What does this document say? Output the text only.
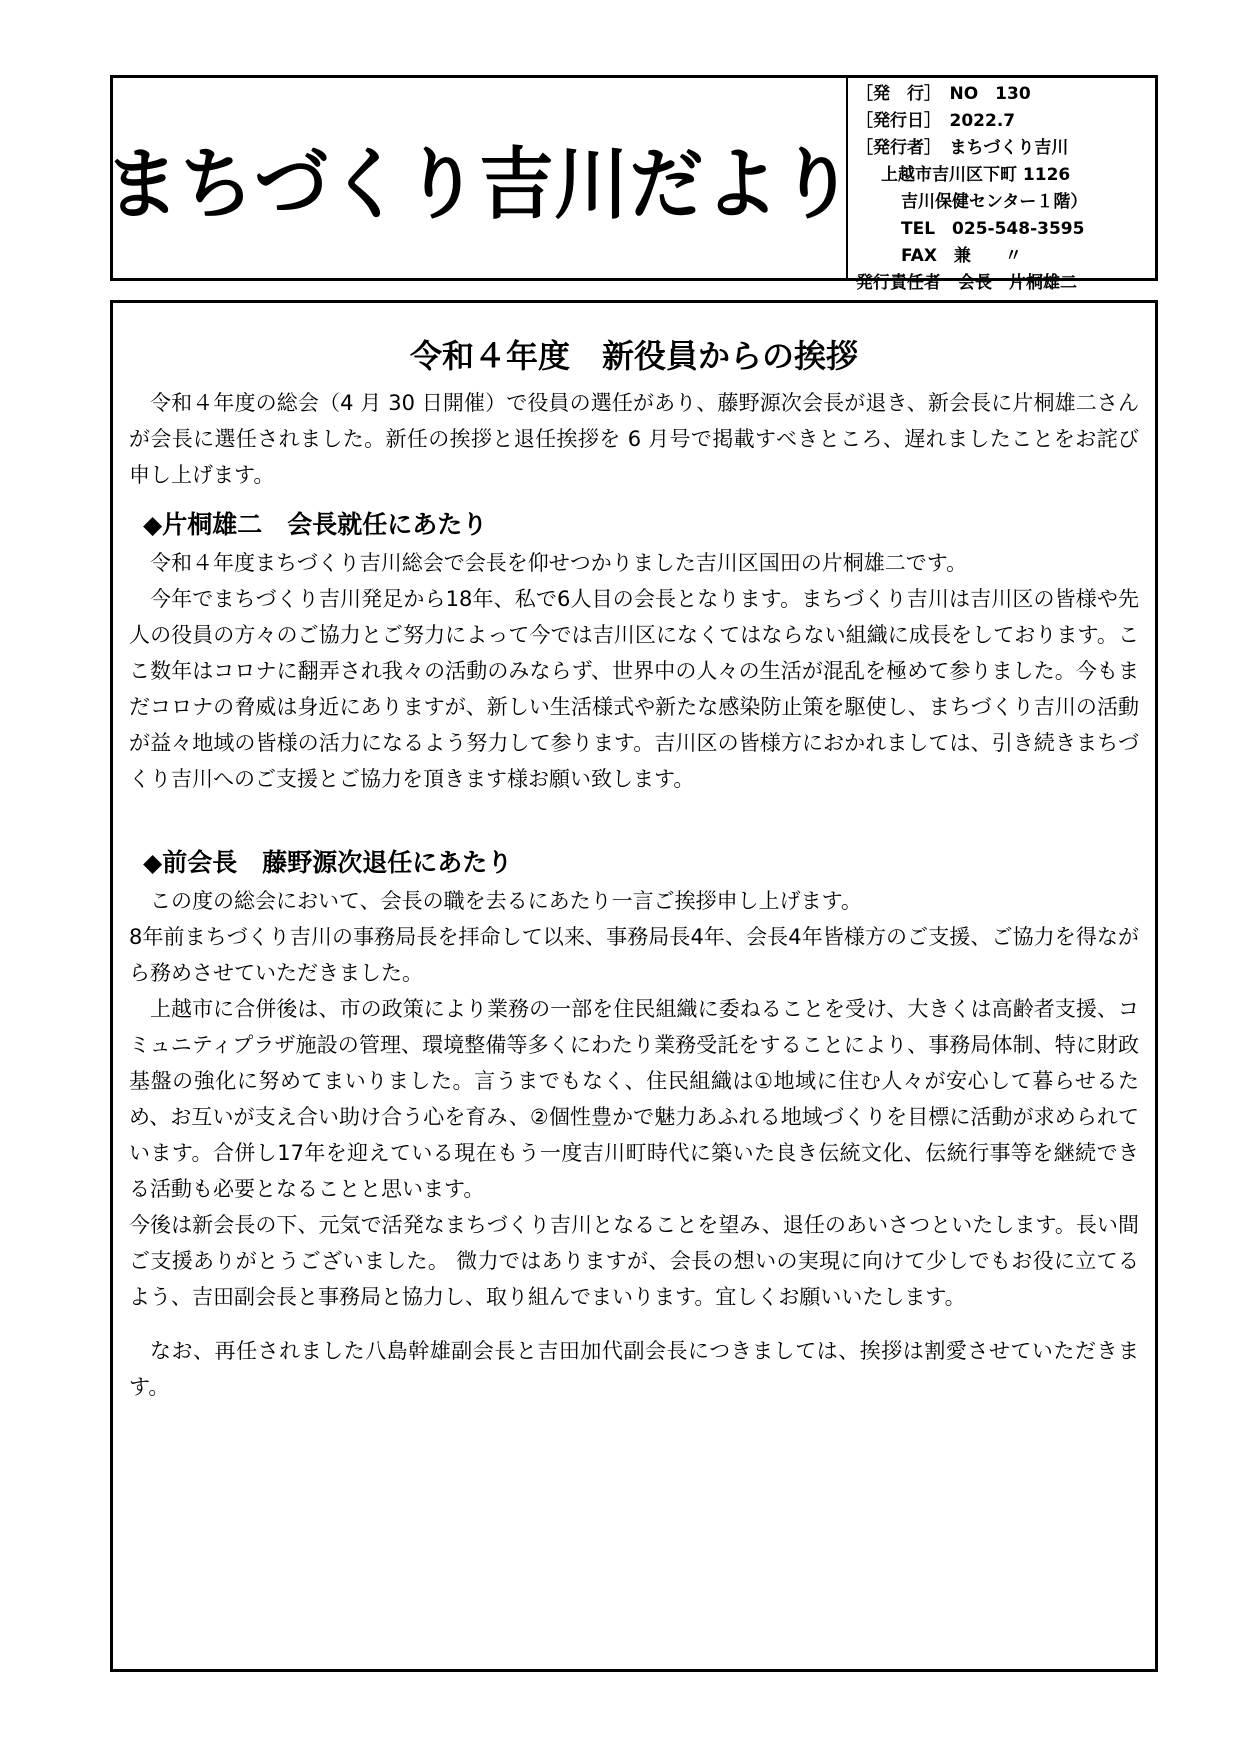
まちづくり吉川だより
［発　行］　NO　130
［発行日］　2022.7
［発行者］　まちづくり吉川
上越市吉川区下町 1126
吉川保健センター１階）
TEL　025-548-3595
FAX　兼　　〃
発行責任者　会長　片桐雄二
令和４年度　新役員からの挨拶

令和４年度の総会（4 月 30 日開催）で役員の選任があり、藤野源次会長が退き、新会長に片桐雄二さんが会長に選任されました。新任の挨拶と退任挨拶を 6 月号で掲載すべきところ、遅れましたことをお詫び申し上げます。

◆片桐雄二　会長就任にあたり

令和４年度まちづくり吉川総会で会長を仰せつかりました吉川区国田の片桐雄二です。

今年でまちづくり吉川発足から18年、私で6人目の会長となります。まちづくり吉川は吉川区の皆様や先人の役員の方々のご協力とご努力によって今では吉川区になくてはならない組織に成長をしております。ここ数年はコロナに翻弄され我々の活動のみならず、世界中の人々の生活が混乱を極めて参りました。今もまだコロナの脅威は身近にありますが、新しい生活様式や新たな感染防止策を駆使し、まちづくり吉川の活動が益々地域の皆様の活力になるよう努力して参ります。吉川区の皆様方におかれましては、引き続きまちづくり吉川へのご支援とご協力を頂きます様お願い致します。

◆前会長　藤野源次退任にあたり

この度の総会において、会長の職を去るにあたり一言ご挨拶申し上げます。

8年前まちづくり吉川の事務局長を拝命して以来、事務局長4年、会長4年皆様方のご支援、ご協力を得ながら務めさせていただきました。

上越市に合併後は、市の政策により業務の一部を住民組織に委ねることを受け、大きくは高齢者支援、コミュニティプラザ施設の管理、環境整備等多くにわたり業務受託をすることにより、事務局体制、特に財政基盤の強化に努めてまいりました。言うまでもなく、住民組織は①地域に住む人々が安心して暮らせるため、お互いが支え合い助け合う心を育み、②個性豊かで魅力あふれる地域づくりを目標に活動が求められています。合併し17年を迎えている現在もう一度吉川町時代に築いた良き伝統文化、伝統行事等を継続できる活動も必要となることと思います。

今後は新会長の下、元気で活発なまちづくり吉川となることを望み、退任のあいさつといたします。長い間ご支援ありがとうございました。 微力ではありますが、会長の想いの実現に向けて少しでもお役に立てるよう、吉田副会長と事務局と協力し、取り組んでまいります。宜しくお願いいたします。

なお、再任されました八島幹雄副会長と吉田加代副会長につきましては、挨拶は割愛させていただきます。
